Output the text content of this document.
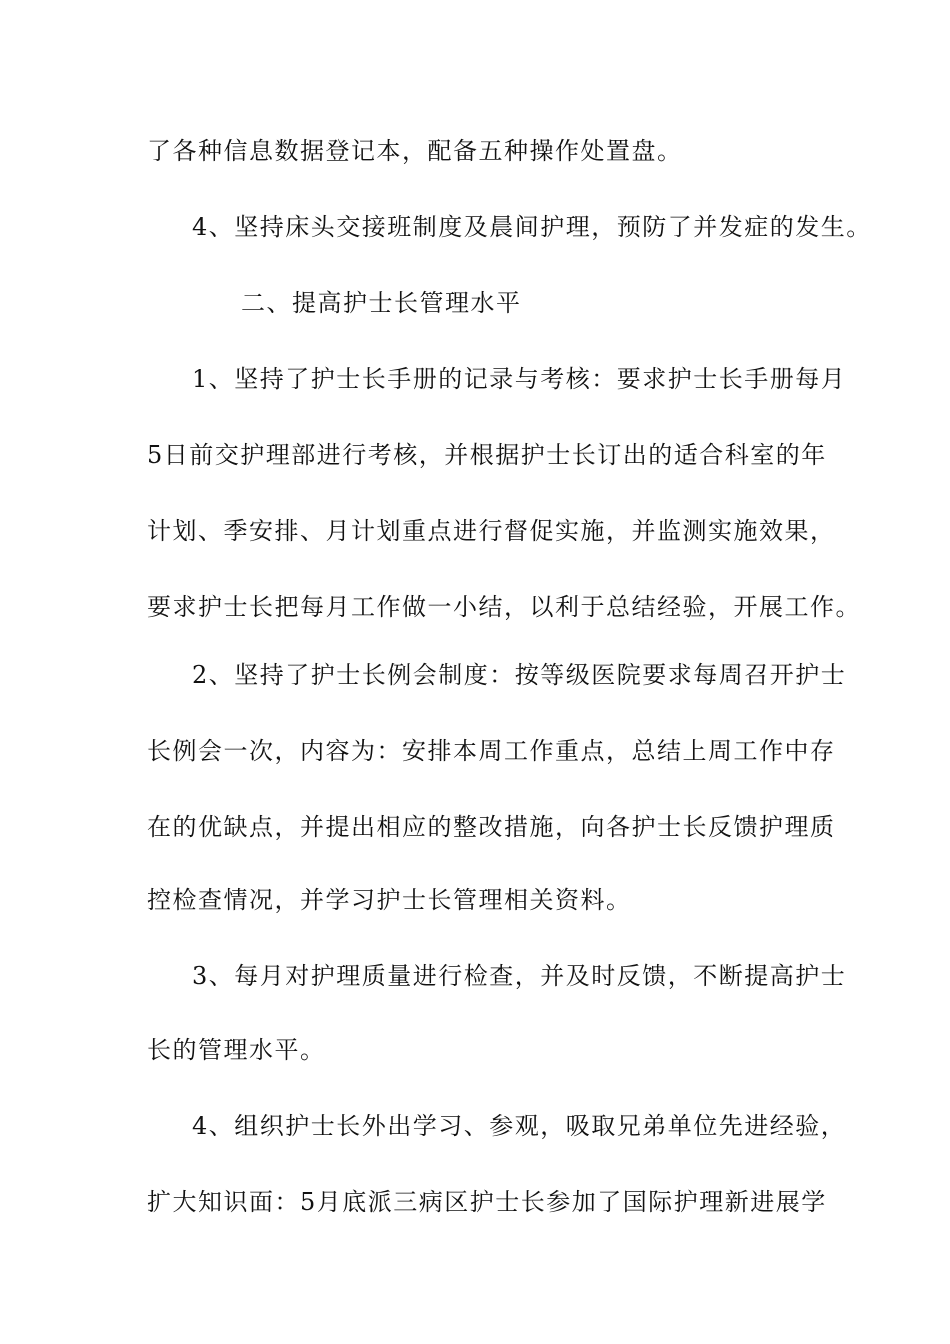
了各种信息数据登记本，配备五种操作处置盘。
4、坚持床头交接班制度及晨间护理，预防了并发症的发生。
二、提高护士长管理水平
1、坚持了护士长手册的记录与考核：要求护士长手册每月
5日前交护理部进行考核，并根据护士长订出的适合科室的年
计划、季安排、月计划重点进行督促实施，并监测实施效果，
要求护士长把每月工作做一小结，以利于总结经验，开展工作。
2、坚持了护士长例会制度：按等级医院要求每周召开护士
长例会一次，内容为：安排本周工作重点，总结上周工作中存
在的优缺点，并提出相应的整改措施，向各护士长反馈护理质
控检查情况，并学习护士长管理相关资料。
3、每月对护理质量进行检查，并及时反馈，不断提高护士
长的管理水平。
4、组织护士长外出学习、参观，吸取兄弟单位先进经验，
扩大知识面：5月底派三病区护士长参加了国际护理新进展学
